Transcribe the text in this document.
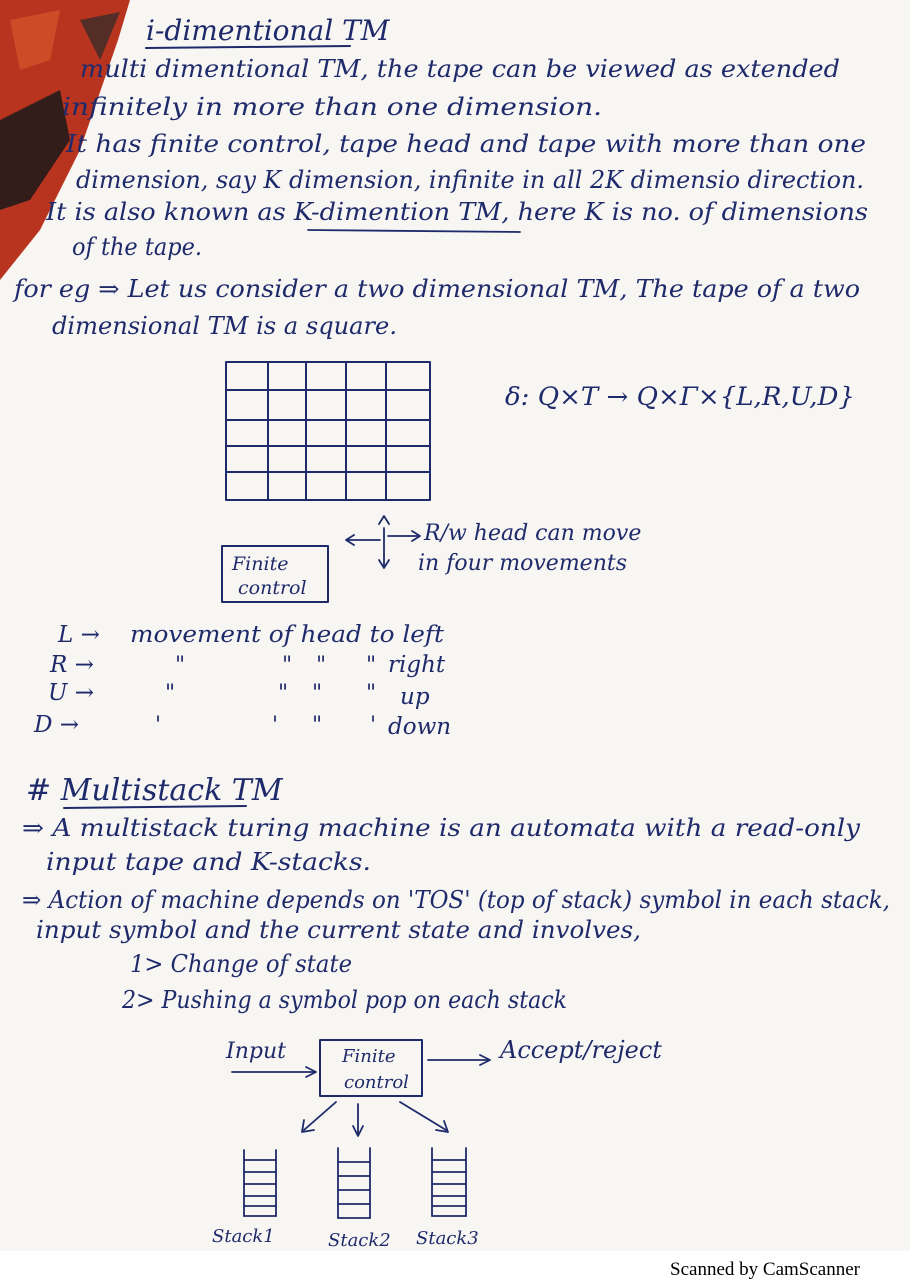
i-dimentional TM
multi dimentional TM, the tape can be viewed as extended
infinitely in more than one dimension.
It has finite control, tape head and tape with more than one
dimension, say K dimension, infinite in all 2K dimensio direction.
It is also known as K-dimention TM, here K is no. of dimensions
of the tape.
for eg ⇒ Let us consider a two dimensional TM, The tape of a two
dimensional TM is a square.
δ: Q×T → Q×Γ×{L,R,U,D}
R/w head can move
in four movements
Finite
control
L → movement of head to left
R →	"	" " " right
U →	"	" " " up
D →	'	' " ' down
# Multistack TM
⇒ A multistack turing machine is an automata with a read-only
input tape and K-stacks.
⇒ Action of machine depends on 'TOS' (top of stack) symbol in each stack,
input symbol and the current state and involves,
1> Change of state
2> Pushing a symbol pop on each stack
Input	Finite
control
Accept/reject
Stack1	Stack2 Stack3
Scanned by CamScanner
